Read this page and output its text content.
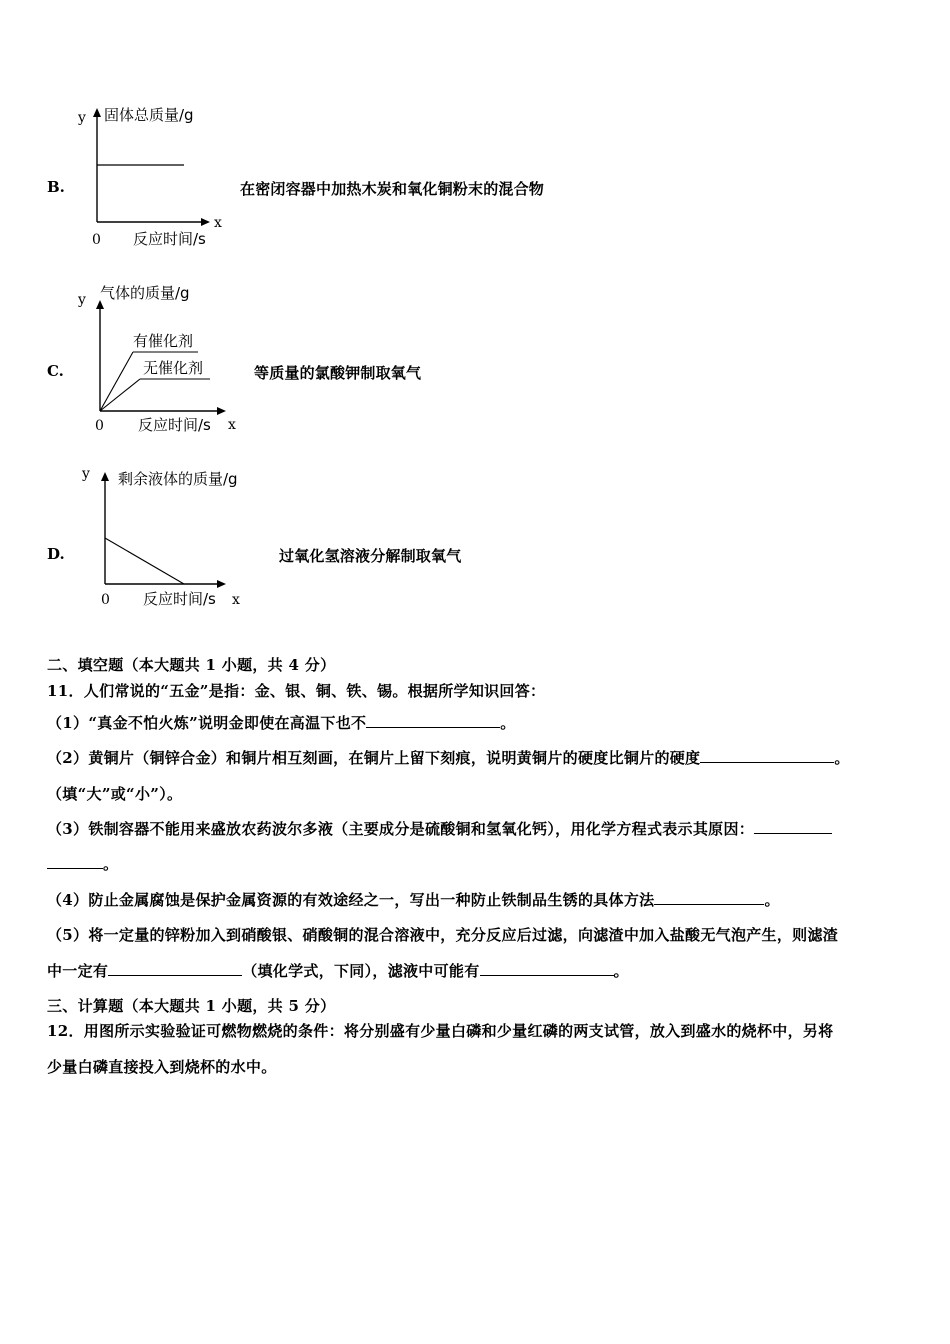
y 固体总质量/g
x
0 反应时间/s
B.	在密闭容器中加热木炭和氧化铜粉末的混合物
y 气体的质量/g
x
有催化剂
无催化剂
0 反应时间/s
C.	等质量的氯酸钾制取氧气
y 剩余液体的质量/g
x
0 反应时间/s
D.	过氧化氢溶液分解制取氧气
二、填空题（本大题共 1 小题，共 4 分）
11．人们常说的“五金”是指：金、银、铜、铁、锡。根据所学知识回答：
（1）“真金不怕火炼”说明金即使在高温下也不	。
（2）黄铜片（铜锌合金）和铜片相互刻画，在铜片上留下刻痕，说明黄铜片的硬度比铜片的硬度	。
（填“大”或“小”）。
（3）铁制容器不能用来盛放农药波尔多液（主要成分是硫酸铜和氢氧化钙），用化学方程式表示其原因：
。
（4）防止金属腐蚀是保护金属资源的有效途经之一，写出一种防止铁制品生锈的具体方法	。
（5）将一定量的锌粉加入到硝酸银、硝酸铜的混合溶液中，充分反应后过滤，向滤渣中加入盐酸无气泡产生，则滤渣
中一定有	（填化学式，下同），滤液中可能有	。
三、计算题（本大题共 1 小题，共 5 分）
12．用图所示实验验证可燃物燃烧的条件：将分别盛有少量白磷和少量红磷的两支试管，放入到盛水的烧杯中，另将
少量白磷直接投入到烧杯的水中。
